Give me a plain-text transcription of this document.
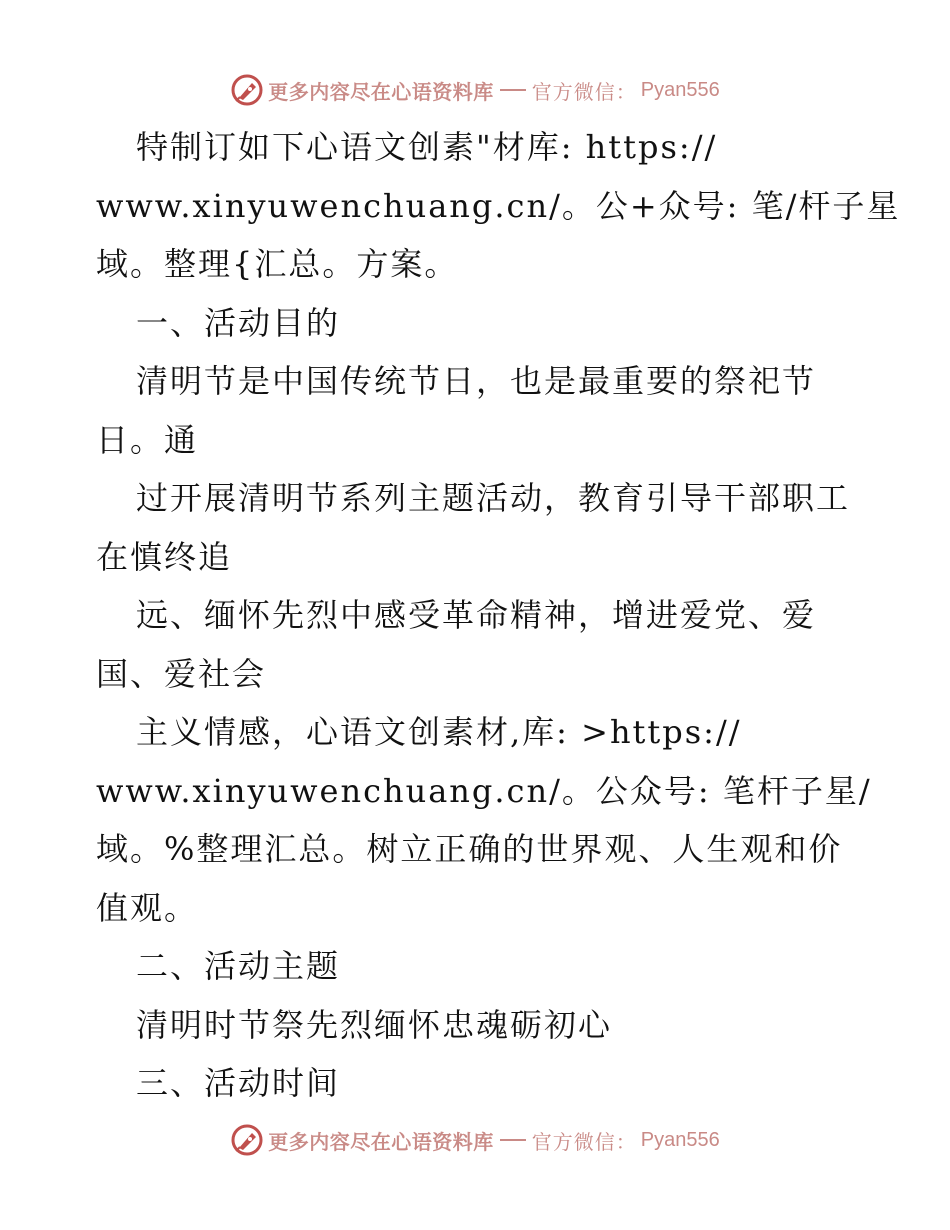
更多内容尽在心语资料库 官方微信： Pyan556
特制订如下心语文创素"材库: https://
www.xinyuwenchuang.cn/。公+众号: 笔/杆子星
域。整理{汇总。方案。
一、活动目的
清明节是中国传统节日，也是最重要的祭祀节
日。通
过开展清明节系列主题活动，教育引导干部职工
在慎终追
远、缅怀先烈中感受革命精神，增进爱党、爱
国、爱社会
主义情感，心语文创素材,库: >https://
www.xinyuwenchuang.cn/。公众号: 笔杆子星/
域。%整理汇总。树立正确的世界观、人生观和价
值观。
二、活动主题
清明时节祭先烈缅怀忠魂砺初心
三、活动时间
更多内容尽在心语资料库 官方微信： Pyan556
